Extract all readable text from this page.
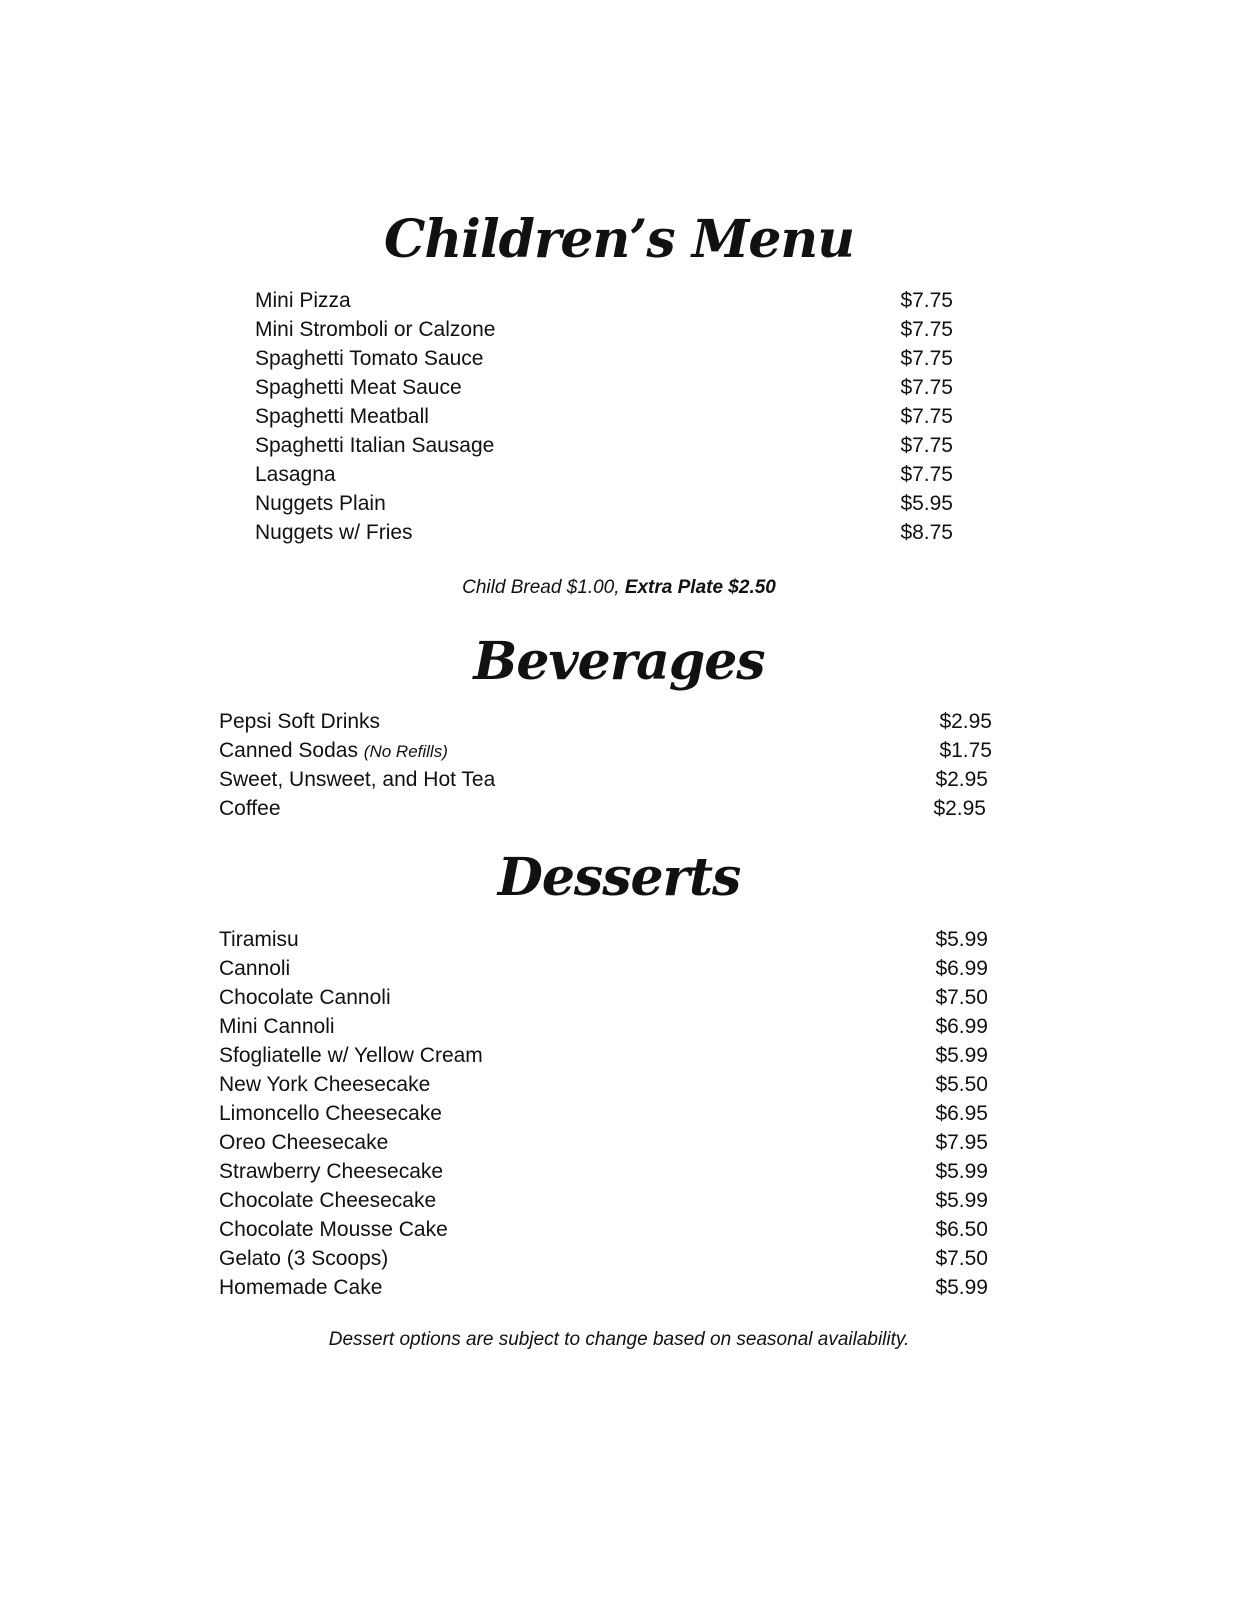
Children’s Menu
Mini Pizza	$7.75
Mini Stromboli or Calzone	$7.75
Spaghetti Tomato Sauce	$7.75
Spaghetti Meat Sauce	$7.75
Spaghetti Meatball	$7.75
Spaghetti Italian Sausage	$7.75
Lasagna	$7.75
Nuggets Plain	$5.95
Nuggets w/ Fries	$8.75

Child Bread $1.00, Extra Plate $2.50

Beverages
Pepsi Soft Drinks	$2.95
Canned Sodas (No Refills)	$1.75
Sweet, Unsweet, and Hot Tea	$2.95
Coffee	$2.95
Desserts
Tiramisu	$5.99
Cannoli	$6.99
Chocolate Cannoli	$7.50
Mini Cannoli	$6.99
Sfogliatelle w/ Yellow Cream	$5.99
New York Cheesecake	$5.50
Limoncello Cheesecake	$6.95
Oreo Cheesecake	$7.95
Strawberry Cheesecake	$5.99
Chocolate Cheesecake	$5.99
Chocolate Mousse Cake	$6.50
Gelato (3 Scoops)	$7.50
Homemade Cake	$5.99

Dessert options are subject to change based on seasonal availability.
